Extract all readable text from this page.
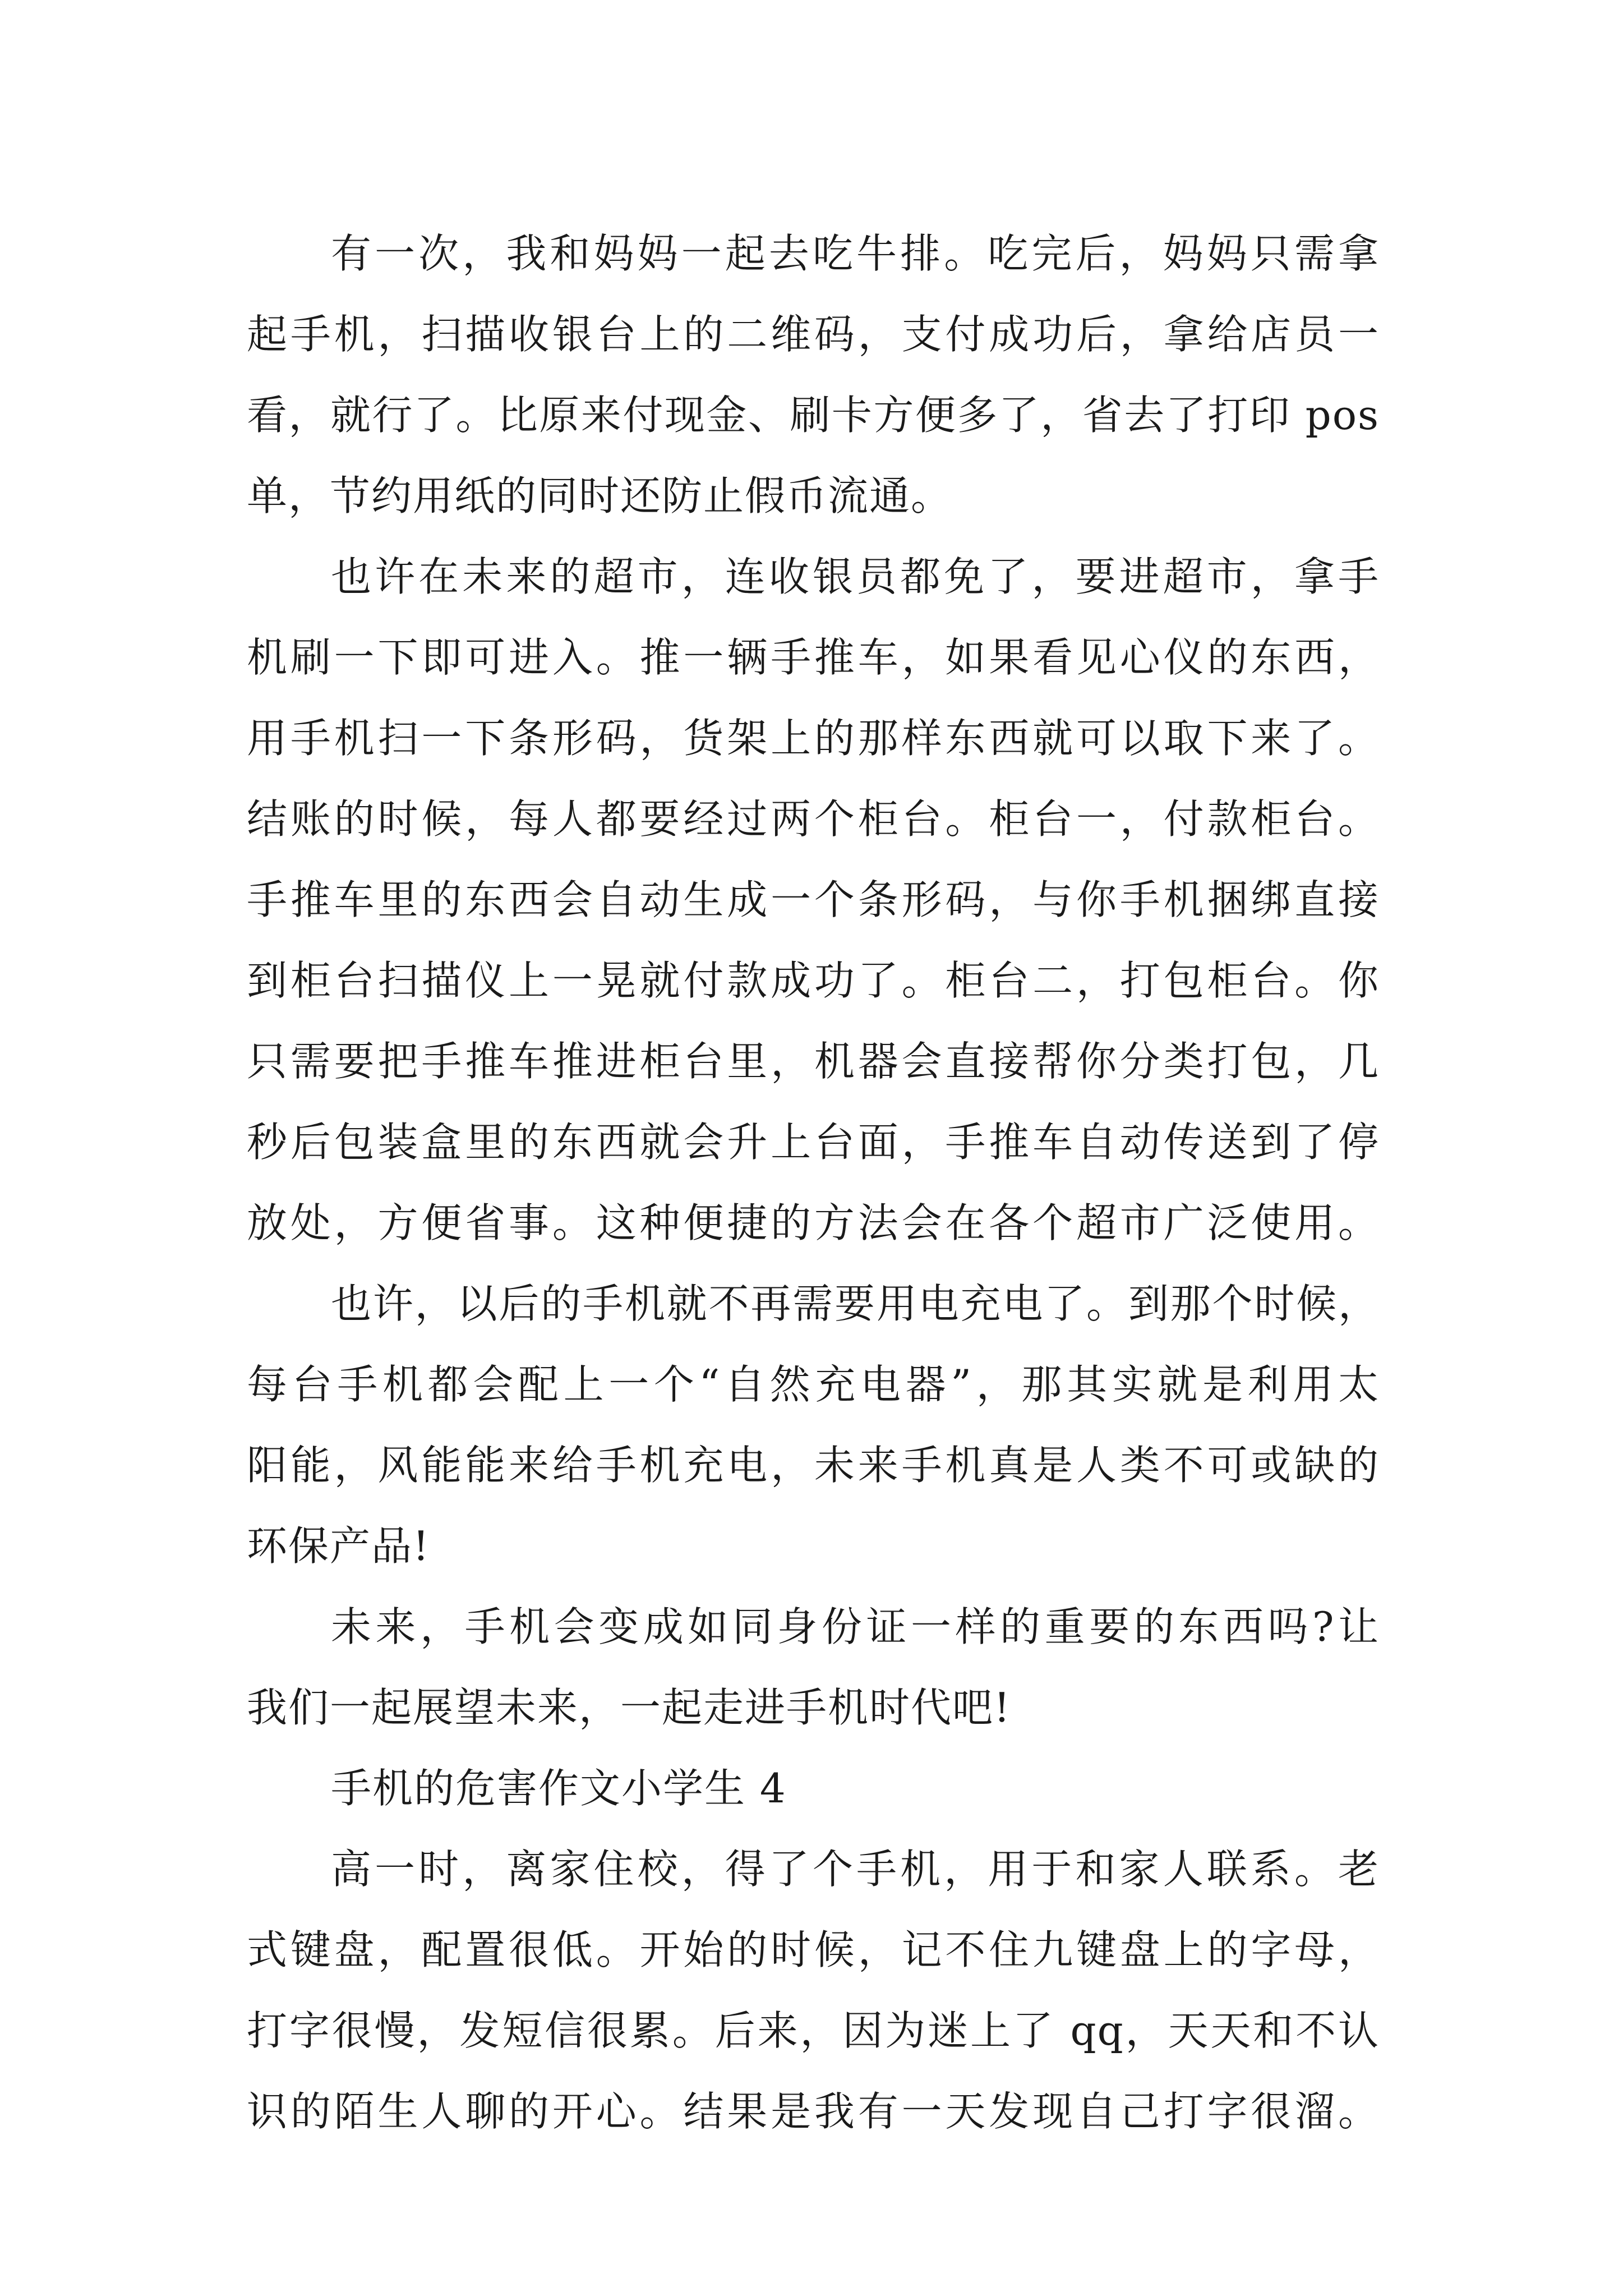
有一次，我和妈妈一起去吃牛排。吃完后，妈妈只需拿
起手机，扫描收银台上的二维码，支付成功后，拿给店员一
看，就行了。比原来付现金、刷卡方便多了，省去了打印 pos
单，节约用纸的同时还防止假币流通。
也许在未来的超市，连收银员都免了，要进超市，拿手
机刷一下即可进入。推一辆手推车，如果看见心仪的东西，
用手机扫一下条形码，货架上的那样东西就可以取下来了。
结账的时候，每人都要经过两个柜台。柜台一，付款柜台。
手推车里的东西会自动生成一个条形码，与你手机捆绑直接
到柜台扫描仪上一晃就付款成功了。柜台二，打包柜台。你
只需要把手推车推进柜台里，机器会直接帮你分类打包，几
秒后包装盒里的东西就会升上台面，手推车自动传送到了停
放处，方便省事。这种便捷的方法会在各个超市广泛使用。
也许，以后的手机就不再需要用电充电了。到那个时候，
每台手机都会配上一个“自然充电器”，那其实就是利用太
阳能，风能能来给手机充电，未来手机真是人类不可或缺的
环保产品!
未来，手机会变成如同身份证一样的重要的东西吗?让
我们一起展望未来，一起走进手机时代吧!
手机的危害作文小学生 4
高一时，离家住校，得了个手机，用于和家人联系。老
式键盘，配置很低。开始的时候，记不住九键盘上的字母，
打字很慢，发短信很累。后来，因为迷上了 qq，天天和不认
识的陌生人聊的开心。结果是我有一天发现自己打字很溜。
